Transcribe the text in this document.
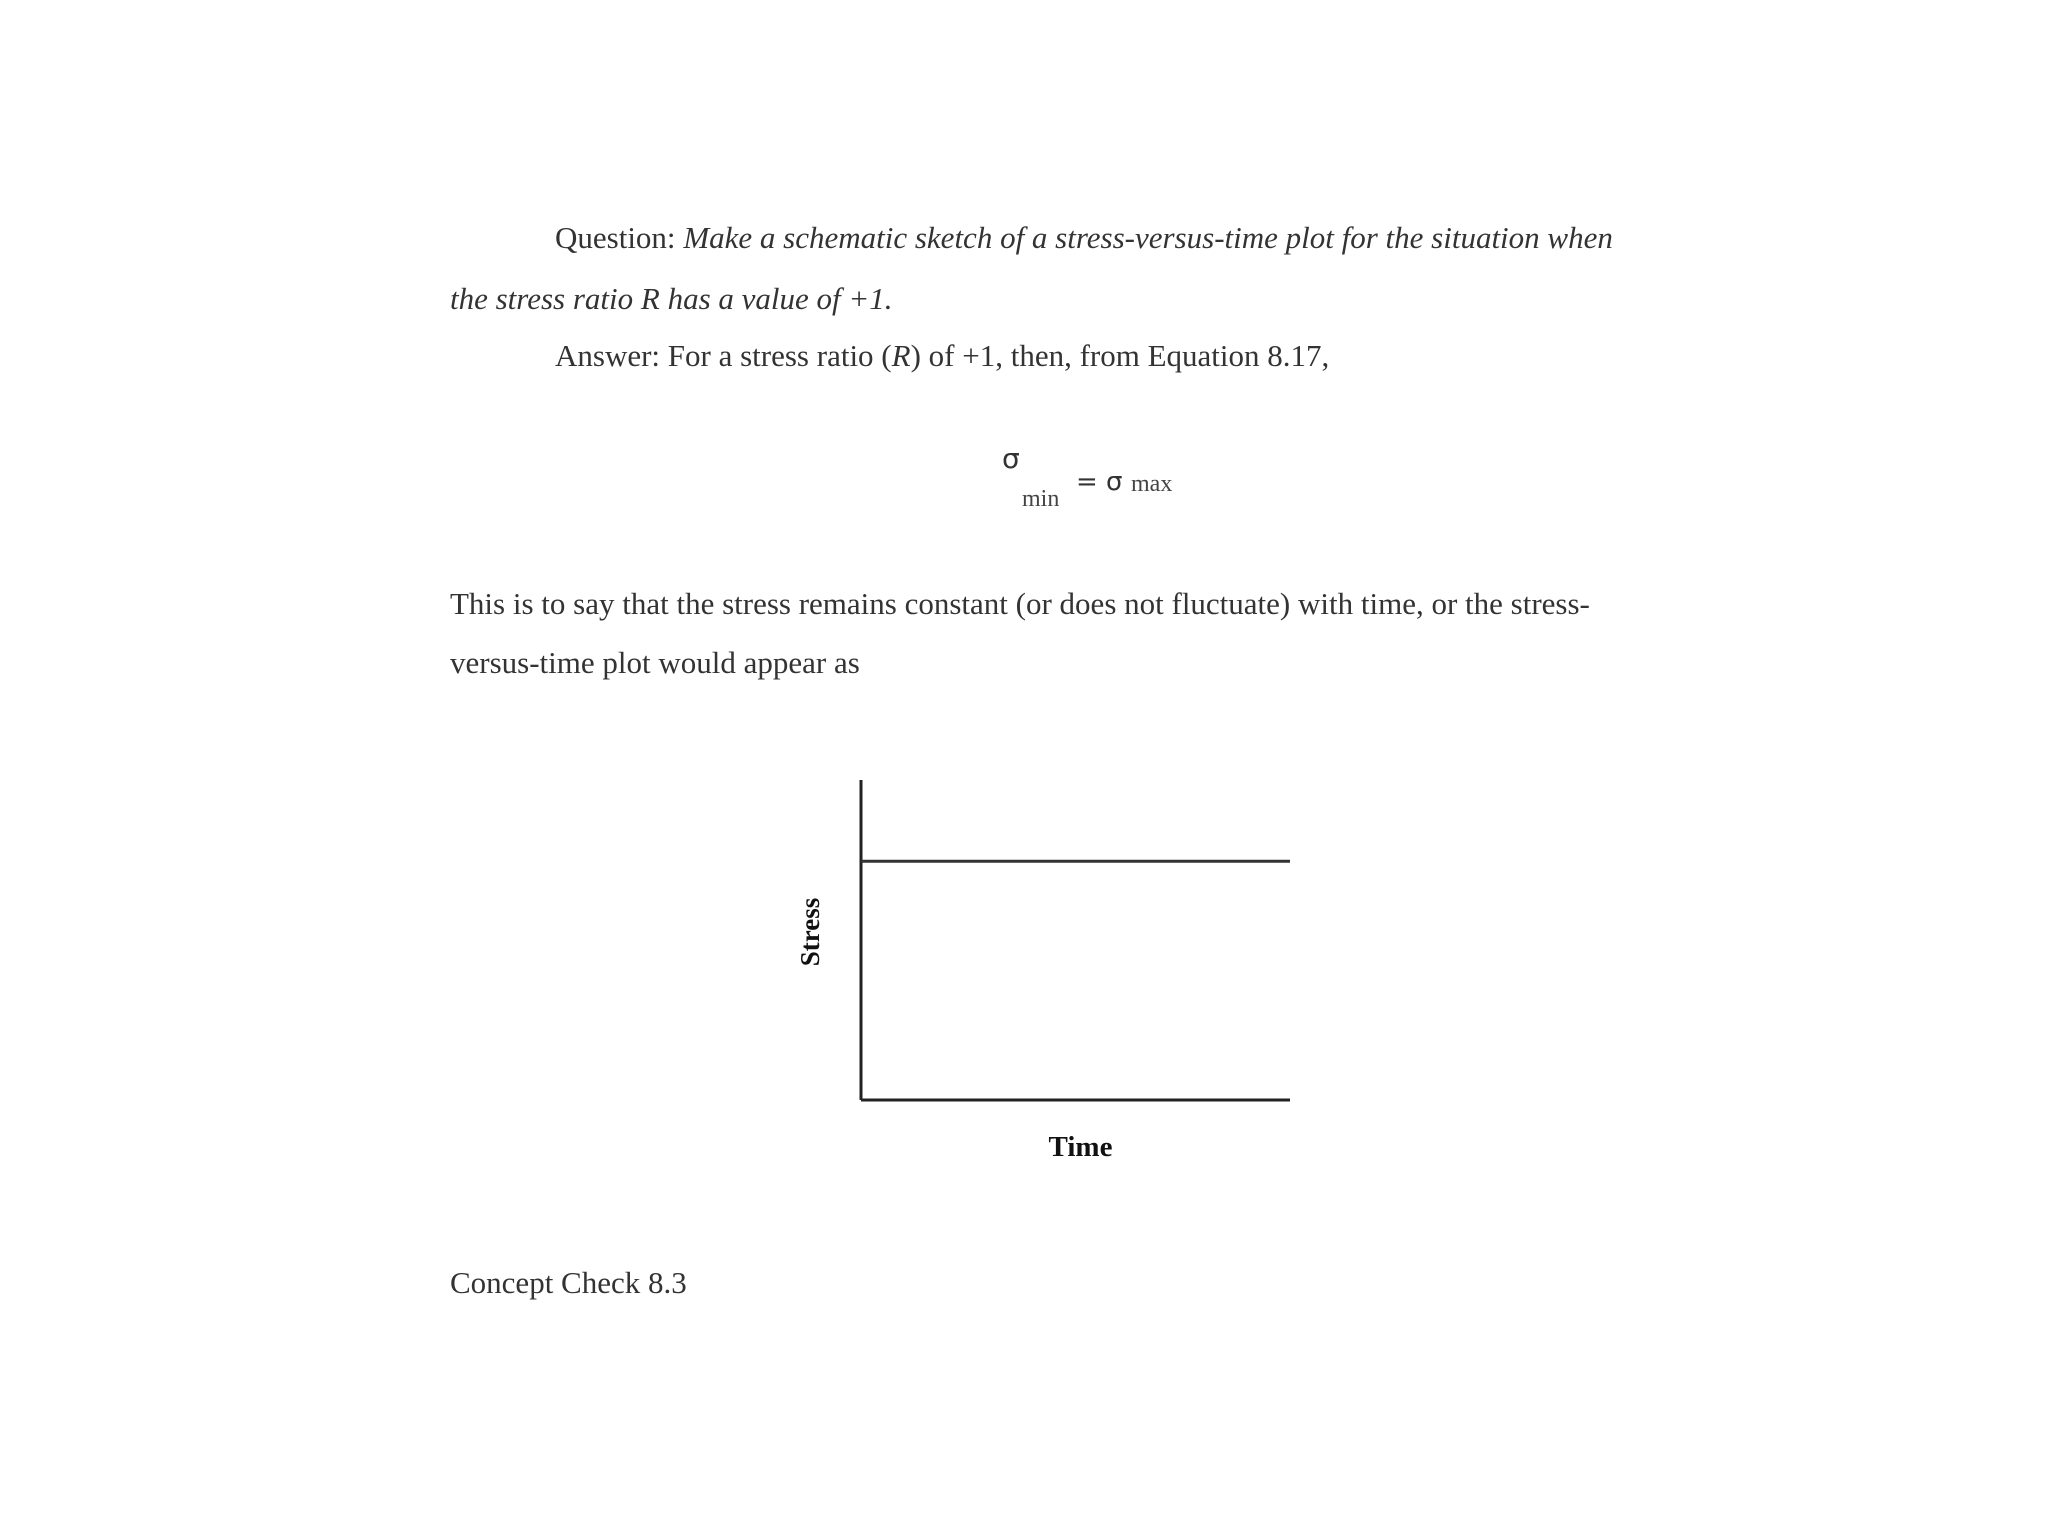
Question: Make a schematic sketch of a stress-versus-time plot for the situation when
the stress ratio R has a value of +1.
Answer: For a stress ratio (R) of +1, then, from Equation 8.17,
σ
min
= σ max
This is to say that the stress remains constant (or does not fluctuate) with time, or the stress-
versus-time plot would appear as
Stress
Time
Concept Check 8.3
